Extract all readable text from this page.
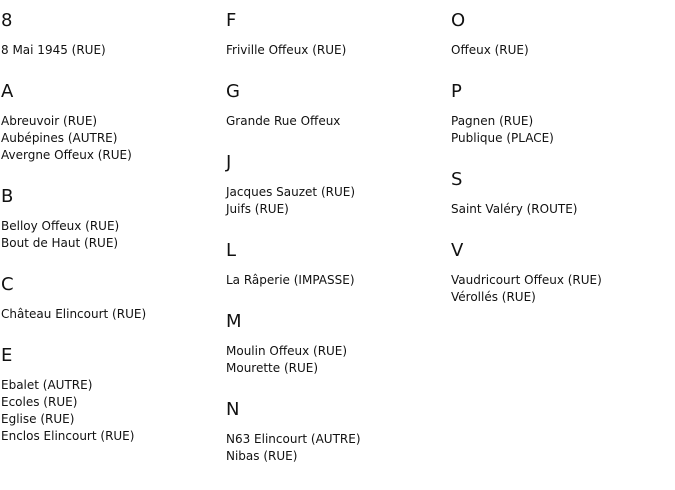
8
8 Mai 1945 (RUE)
A
Abreuvoir (RUE)
Aubépines (AUTRE)
Avergne Offeux (RUE)
B
Belloy Offeux (RUE)
Bout de Haut (RUE)
C
Château Elincourt (RUE)
E
Ebalet (AUTRE)
Ecoles (RUE)
Eglise (RUE)
Enclos Elincourt (RUE)
F
Friville Offeux (RUE)
G
Grande Rue Offeux
J
Jacques Sauzet (RUE)
Juifs (RUE)
L
La Râperie (IMPASSE)
M
Moulin Offeux (RUE)
Mourette (RUE)
N
N63 Elincourt (AUTRE)
Nibas (RUE)
O
Offeux (RUE)
P
Pagnen (RUE)
Publique (PLACE)
S
Saint Valéry (ROUTE)
V
Vaudricourt Offeux (RUE)
Vérollés (RUE)
